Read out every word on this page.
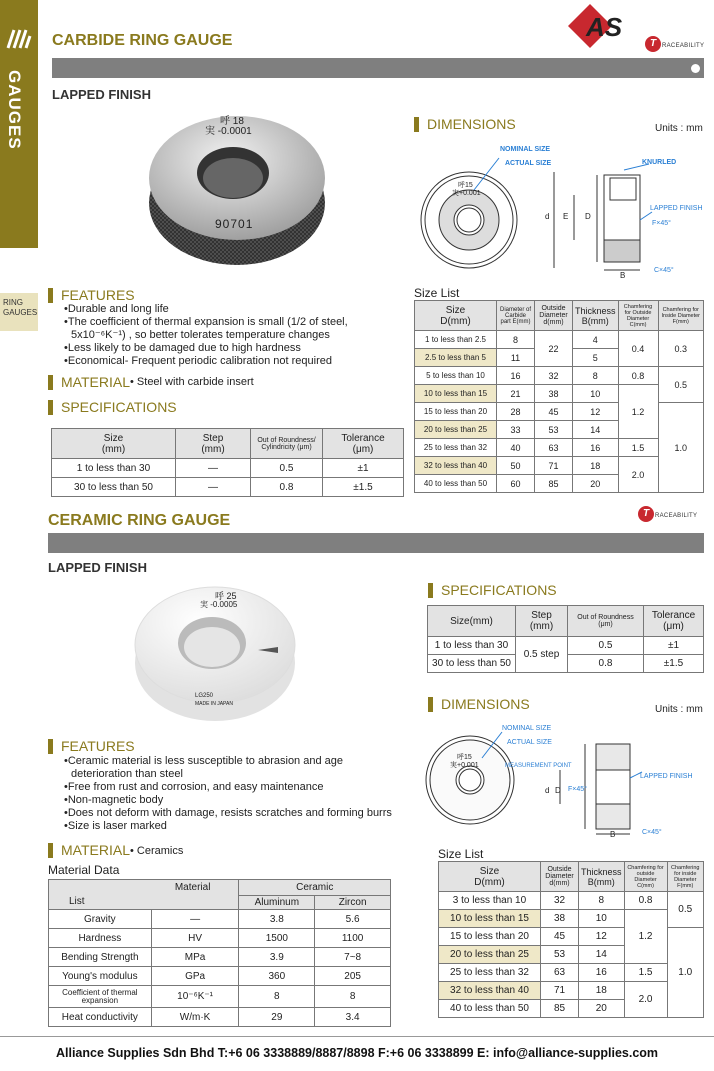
GAUGES
RING GAUGES
AS
T RACEABILITY
CARBIDE RING GAUGE
LAPPED FINISH
呼 18
実 -0.0001
90701
FEATURES
• Durable and long life
• The coefficient of thermal expansion is small (1/2 of steel, 5x10⁻⁶K⁻¹) , so better tolerates temperature changes
• Less likely to be damaged due to high hardness
• Economical- Frequent periodic calibration not required
MATERIAL • Steel with carbide insert
SPECIFICATIONS
Size
(mm)	Step
(mm)	Out of Roundness/ Cylindricity (μm)	Tolerance
(μm)
1 to less than 30	—	0.5	±1
30 to less than 50	—	0.8	±1.5
DIMENSIONS	Units : mm
NOMINAL SIZE
ACTUAL SIZE	KNURLED
LAPPED FINISH
F×45°
C×45°
呼15
実+0.001
d E D
B
Size List
Size
D(mm)	Diameter of Carbide part E(mm)	Outside Diameter d(mm)	Thickness B(mm)	Chamfering for Outside Diameter C(mm)	Chamfering for Inside Diameter F(mm)
1 to less than 2.5	8	22	4	0.4	0.3
2.5 to less than 5	11		5		
5 to less than 10	16	32	8	0.8	0.5
10 to less than 15	21	38	10	1.2	
15 to less than 20	28	45	12		1.0
20 to less than 25	33	53	14		
25 to less than 32	40	63	16	1.5	
32 to less than 40	50	71	18	2.0	
40 to less than 50	60	85	20		
CERAMIC RING GAUGE	T RACEABILITY
LAPPED FINISH
呼 25
実 -0.0005
LG250
MADE IN JAPAN
SPECIFICATIONS
Size(mm)	Step
(mm)	Out of Roundness (μm)	Tolerance
(μm)
1 to less than 30	0.5 step	0.5	±1
30 to less than 50		0.8	±1.5
DIMENSIONS	Units : mm
NOMINAL SIZE
ACTUAL SIZE
MEASUREMENT POINT
LAPPED FINISH
F×45°
C×45°
呼15
実+0.001
d D
B
Size List
Size
D(mm)	Outside Diameter d(mm)	Thickness B(mm)	Chamfering for outside Diameter C(mm)	Chamfering for inside Diameter F(mm)
3 to less than 10	32	8	0.8	0.5
10 to less than 15	38	10	1.2	
15 to less than 20	45	12		1.0
20 to less than 25	53	14		
25 to less than 32	63	16	1.5	
32 to less than 40	71	18	2.0	
40 to less than 50	85	20		
FEATURES
• Ceramic material is less susceptible to abrasion and age deterioration than steel
• Free from rust and corrosion, and easy maintenance
• Non-magnetic body
• Does not deform with damage, resists scratches and forming burrs
• Size is laser marked
MATERIAL • Ceramics
Material Data
Material
List		Ceramic	
		Aluminum	Zircon
Gravity	—	3.8	5.6
Hardness	HV	1500	1100
Bending Strength	MPa	3.9	7~8
Young's modulus	GPa	360	205
Coefficient of thermal expansion	10⁻⁶K⁻¹	8	8
Heat conductivity	W/m·K	29	3.4
Alliance Supplies Sdn Bhd T:+6 06 3338889/8887/8898 F:+6 06 3338899 E: info@alliance-supplies.com
